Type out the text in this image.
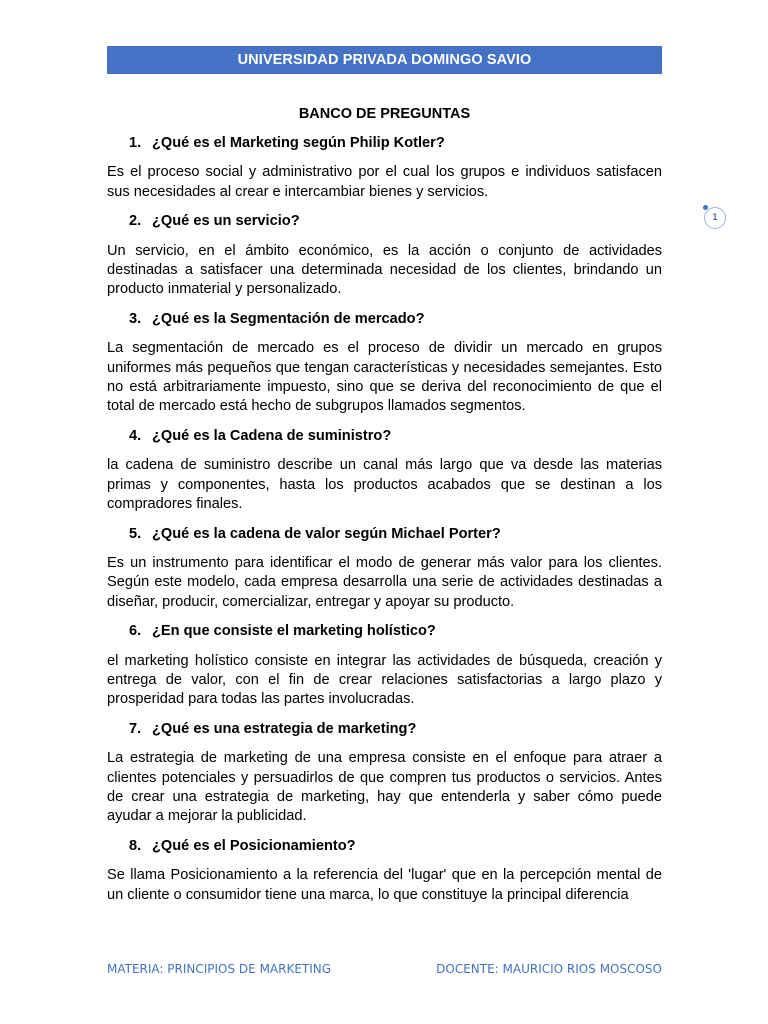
UNIVERSIDAD PRIVADA DOMINGO SAVIO
BANCO DE PREGUNTAS
1
1. ¿Qué es el Marketing según Philip Kotler?
Es el proceso social y administrativo por el cual los grupos e individuos satisfacen sus necesidades al crear e intercambiar bienes y servicios.
2. ¿Qué es un servicio?
Un servicio, en el ámbito económico, es la acción o conjunto de actividades destinadas a satisfacer una determinada necesidad de los clientes, brindando un producto inmaterial y personalizado.
3. ¿Qué es la Segmentación de mercado?
La segmentación de mercado es el proceso de dividir un mercado en grupos uniformes más pequeños que tengan características y necesidades semejantes. Esto no está arbitrariamente impuesto, sino que se deriva del reconocimiento de que el total de mercado está hecho de subgrupos llamados segmentos.
4. ¿Qué es la Cadena de suministro?
la cadena de suministro describe un canal más largo que va desde las materias primas y componentes, hasta los productos acabados que se destinan a los compradores finales.
5. ¿Qué es la cadena de valor según Michael Porter?
Es un instrumento para identificar el modo de generar más valor para los clientes. Según este modelo, cada empresa desarrolla una serie de actividades destinadas a diseñar, producir, comercializar, entregar y apoyar su producto.
6. ¿En que consiste el marketing holístico?
el marketing holístico consiste en integrar las actividades de búsqueda, creación y entrega de valor, con el fin de crear relaciones satisfactorias a largo plazo y prosperidad para todas las partes involucradas.
7. ¿Qué es una estrategia de marketing?
La estrategia de marketing de una empresa consiste en el enfoque para atraer a clientes potenciales y persuadirlos de que compren tus productos o servicios. Antes de crear una estrategia de marketing, hay que entenderla y saber cómo puede ayudar a mejorar la publicidad.
8. ¿Qué es el Posicionamiento?
Se llama Posicionamiento a la referencia del 'lugar' que en la percepción mental de un cliente o consumidor tiene una marca, lo que constituye la principal diferencia
MATERIA: PRINCIPIOS DE MARKETING	DOCENTE: MAURICIO RIOS MOSCOSO
